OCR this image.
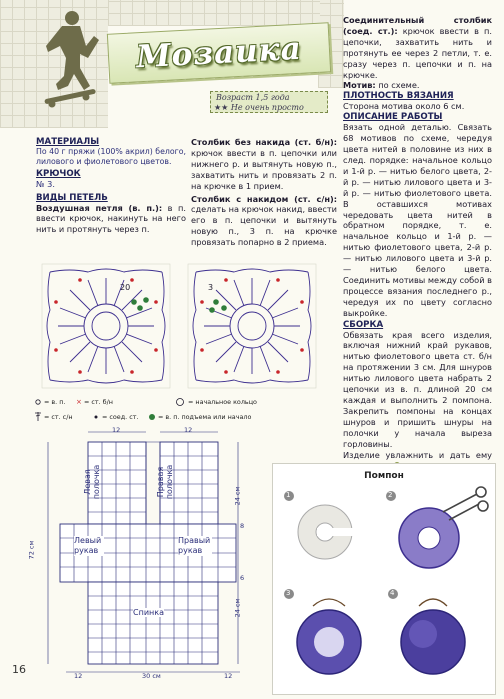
Мозаика
Возраст 1,5 года
★★ Не очень просто
МАТЕРИАЛЫ
По 40 г пряжи (100% акрил) белого, лилового и фиолетового цветов.
КРЮЧОК
№ 3.
ВИДЫ ПЕТЕЛЬ
Воздушная петля (в. п.): в п. ввести крючок, накинуть на него нить и протянуть через п.
Столбик без накида (ст. б/н): крючок ввести в п. цепочки или нижнего р. и вытянуть новую п., захватить нить и провязать 2 п. на крючке в 1 прием.
Столбик с накидом (ст. с/н): сделать на крючок накид, ввести его в п. цепочки и вытянуть новую п., 3 п. на крючке провязать попарно в 2 приема.
Соединительный столбик (соед. ст.): крючок ввести в п. цепочки, захватить нить и протянуть ее через 2 петли, т. е. сразу через п. цепочки и п. на крючке.
Мотив: по схеме.
ПЛОТНОСТЬ ВЯЗАНИЯ
Сторона мотива около 6 см.
ОПИСАНИЕ РАБОТЫ
Вязать одной деталью. Связать 68 мотивов по схеме, чередуя цвета нитей в половине из них в след. порядке: начальное кольцо и 1-й р. — нитью белого цвета, 2-й р. — нитью лилового цвета и 3-й р. — нитью фиолетового цвета. В оставшихся мотивах чередовать цвета нитей в обратном порядке, т. е. начальное кольцо и 1-й р. — нитью фиолетового цвета, 2-й р. — нитью лилового цвета и 3-й р. — нитью белого цвета. Соединить мотивы между собой в процессе вязания последнего р., чередуя их по цвету согласно выкройке.
СБОРКА
Обвязать края всего изделия, включая нижний край рукавов, нитью фиолетового цвета ст. б/н на протяжении 3 см. Для шнуров нитью лилового цвета набрать 2 цепочки из в. п. длиной 20 см каждая и выполнить 2 помпона. Закрепить помпоны на концах шнуров и пришить шнуры на полочки у начала выреза горловины.
Изделие увлажнить и дать ему
20	3
×
= в. п.	= ст. б/н	= начальное кольцо
= ст. с/н	= соед. ст.	= в. п. подъема или начало
12	12
Левая полочка	Правая полочка
Левый рукав
Правый рукав
Спинка
72 см
24 см
24 см
8
6
12	30 см	12
Помпон
1	2
3	4
16
